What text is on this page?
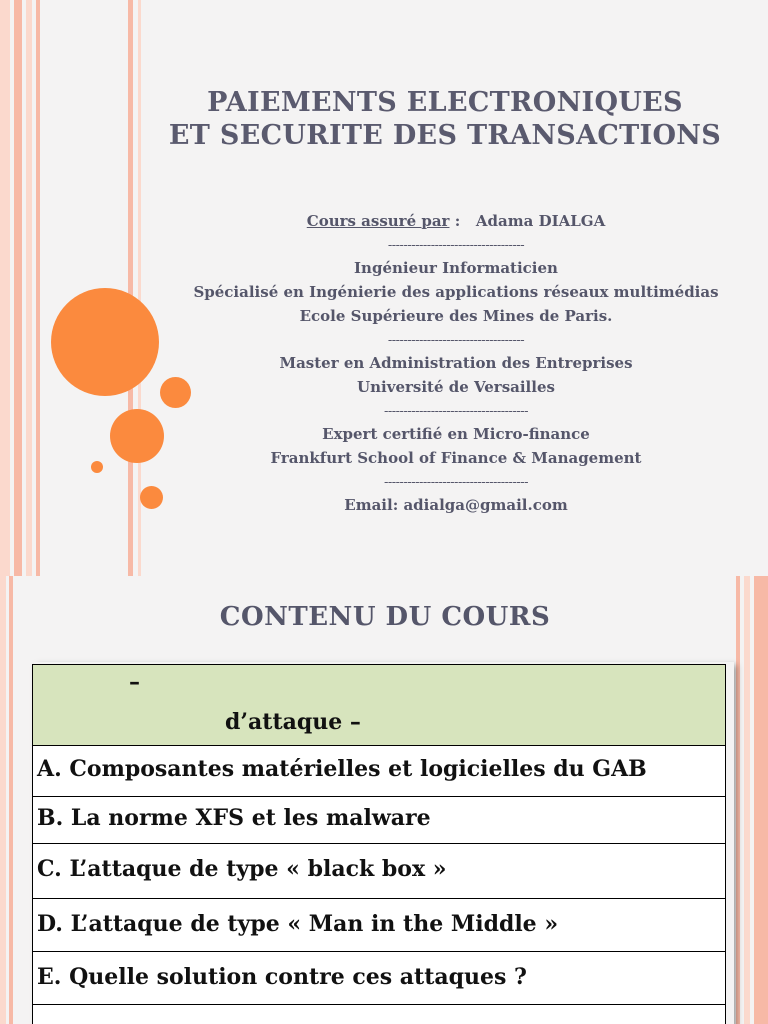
PAIEMENTS ELECTRONIQUES
ET SECURITE DES TRANSACTIONS
Cours assuré par :   Adama DIALGA
-----------------------------------
Ingénieur Informaticien
Spécialisé en Ingénierie des applications réseaux multimédias
Ecole Supérieure des Mines de Paris.
-----------------------------------
Master en Administration des Entreprises
Université de Versailles
-------------------------------------
Expert certifié en Micro-finance
Frankfurt School of Finance & Management
-------------------------------------
Email: adialga@gmail.com
CONTENU DU COURS
–
d’attaque –
A. Composantes matérielles et logicielles du GAB
B. La norme XFS et les malware
C. L’attaque de type « black box »
D. L’attaque de type « Man in the Middle »
E. Quelle solution contre ces attaques ?
